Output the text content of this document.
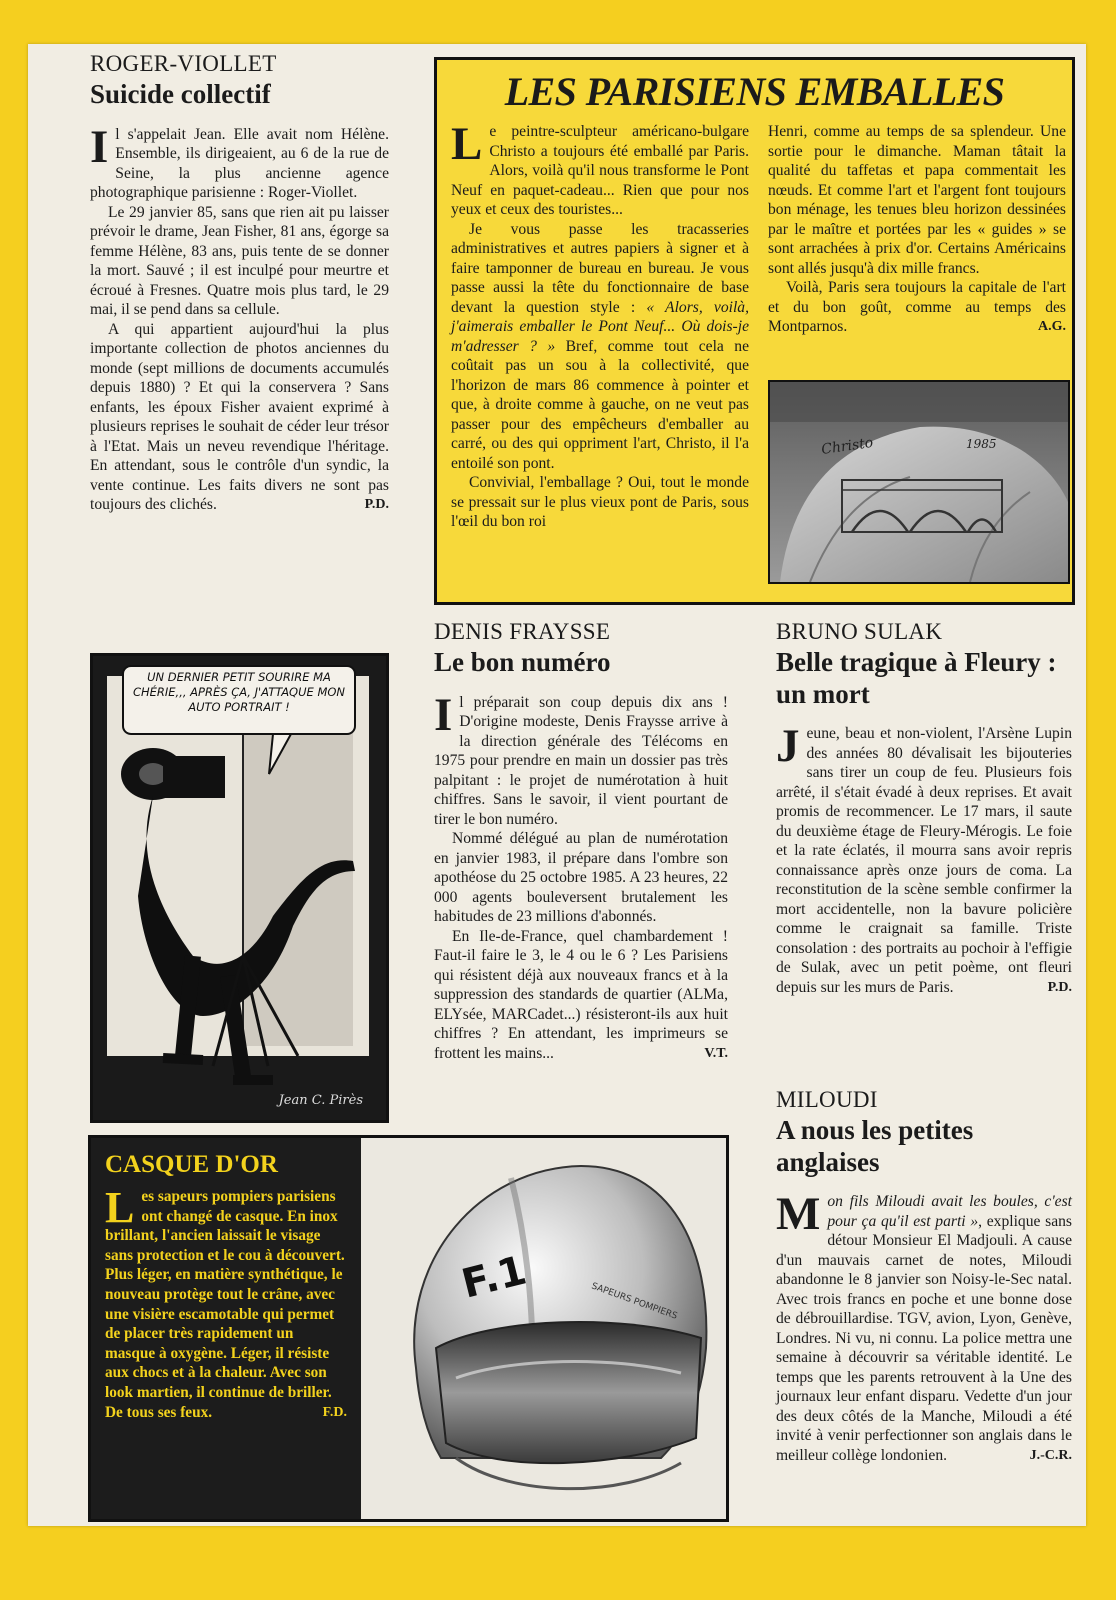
ROGER-VIOLLET
Suicide collectif

Il s'appelait Jean. Elle avait nom Hélène. Ensemble, ils dirigeaient, au 6 de la rue de Seine, la plus ancienne agence photographique parisienne : Roger-Viollet.

Le 29 janvier 85, sans que rien ait pu laisser prévoir le drame, Jean Fisher, 81 ans, égorge sa femme Hélène, 83 ans, puis tente de se donner la mort. Sauvé ; il est inculpé pour meurtre et écroué à Fresnes. Quatre mois plus tard, le 29 mai, il se pend dans sa cellule.

A qui appartient aujourd'hui la plus importante collection de photos anciennes du monde (sept millions de documents accumulés depuis 1880) ? Et qui la conservera ? Sans enfants, les époux Fisher avaient exprimé à plusieurs reprises le souhait de céder leur trésor à l'Etat. Mais un neveu revendique l'héritage. En attendant, sous le contrôle d'un syndic, la vente continue. Les faits divers ne sont pas toujours des clichés.	P.D.

LES PARISIENS EMBALLES

Le peintre-sculpteur américano-bulgare Christo a toujours été emballé par Paris. Alors, voilà qu'il nous transforme le Pont Neuf en paquet-cadeau... Rien que pour nos yeux et ceux des touristes...

Je vous passe les tracasseries administratives et autres papiers à signer et à faire tamponner de bureau en bureau. Je vous passe aussi la tête du fonctionnaire de base devant la question style : « Alors, voilà, j'aimerais emballer le Pont Neuf... Où dois-je m'adresser ? » Bref, comme tout cela ne coûtait pas un sou à la collectivité, que l'horizon de mars 86 commence à pointer et que, à droite comme à gauche, on ne veut pas passer pour des empêcheurs d'emballer au carré, ou des qui oppriment l'art, Christo, il l'a entoilé son pont.

Convivial, l'emballage ? Oui, tout le monde se pressait sur le plus vieux pont de Paris, sous l'œil du bon roi

Henri, comme au temps de sa splendeur. Une sortie pour le dimanche. Maman tâtait la qualité du taffetas et papa commentait les nœuds. Et comme l'art et l'argent font toujours bon ménage, les tenues bleu horizon dessinées par le maître et portées par les « guides » se sont arrachées à prix d'or. Certains Américains sont allés jusqu'à dix mille francs.

Voilà, Paris sera toujours la capitale de l'art et du bon goût, comme au temps des Montparnos.	A.G.

Christo	1985
UN DERNIER PETIT SOURIRE MA CHÉRIE,,, APRÈS ÇA, J'ATTAQUE MON AUTO PORTRAIT !
Jean C. Pirès
DENIS FRAYSSE
Le bon numéro

Il préparait son coup depuis dix ans ! D'origine modeste, Denis Fraysse arrive à la direction générale des Télécoms en 1975 pour prendre en main un dossier pas très palpitant : le projet de numérotation à huit chiffres. Sans le savoir, il vient pourtant de tirer le bon numéro.

Nommé délégué au plan de numérotation en janvier 1983, il prépare dans l'ombre son apothéose du 25 octobre 1985. A 23 heures, 22 000 agents bouleversent brutalement les habitudes de 23 millions d'abonnés.

En Ile-de-France, quel chambardement ! Faut-il faire le 3, le 4 ou le 6 ? Les Parisiens qui résistent déjà aux nouveaux francs et à la suppression des standards de quartier (ALMa, ELYsée, MARCadet...) résisteront-ils aux huit chiffres ? En attendant, les imprimeurs se frottent les mains...	V.T.

BRUNO SULAK
Belle tragique à Fleury : un mort

Jeune, beau et non-violent, l'Arsène Lupin des années 80 dévalisait les bijouteries sans tirer un coup de feu. Plusieurs fois arrêté, il s'était évadé à deux reprises. Et avait promis de recommencer. Le 17 mars, il saute du deuxième étage de Fleury-Mérogis. Le foie et la rate éclatés, il mourra sans avoir repris connaissance après onze jours de coma. La reconstitution de la scène semble confirmer la mort accidentelle, non la bavure policière comme le craignait sa famille. Triste consolation : des portraits au pochoir à l'effigie de Sulak, avec un petit poème, ont fleuri depuis sur les murs de Paris.	P.D.

MILOUDI
A nous les petites anglaises

Mon fils Miloudi avait les boules, c'est pour ça qu'il est parti », explique sans détour Monsieur El Madjouli. A cause d'un mauvais carnet de notes, Miloudi abandonne le 8 janvier son Noisy-le-Sec natal. Avec trois francs en poche et une bonne dose de débrouillardise. TGV, avion, Lyon, Genève, Londres. Ni vu, ni connu. La police mettra une semaine à découvrir sa véritable identité. Le temps que les parents retrouvent à la Une des journaux leur enfant disparu. Vedette d'un jour des deux côtés de la Manche, Miloudi a été invité à venir perfectionner son anglais dans le meilleur collège londonien.	J.-C.R.

CASQUE D'OR

Les sapeurs pompiers parisiens ont changé de casque. En inox brillant, l'ancien laissait le visage sans protection et le cou à découvert.

Plus léger, en matière synthétique, le nouveau protège tout le crâne, avec une visière escamotable qui permet de placer très rapidement un masque à oxygène. Léger, il résiste aux chocs et à la chaleur. Avec son look martien, il continue de briller. De tous ses feux.	F.D.

F.1	SAPEURS POMPIERS
